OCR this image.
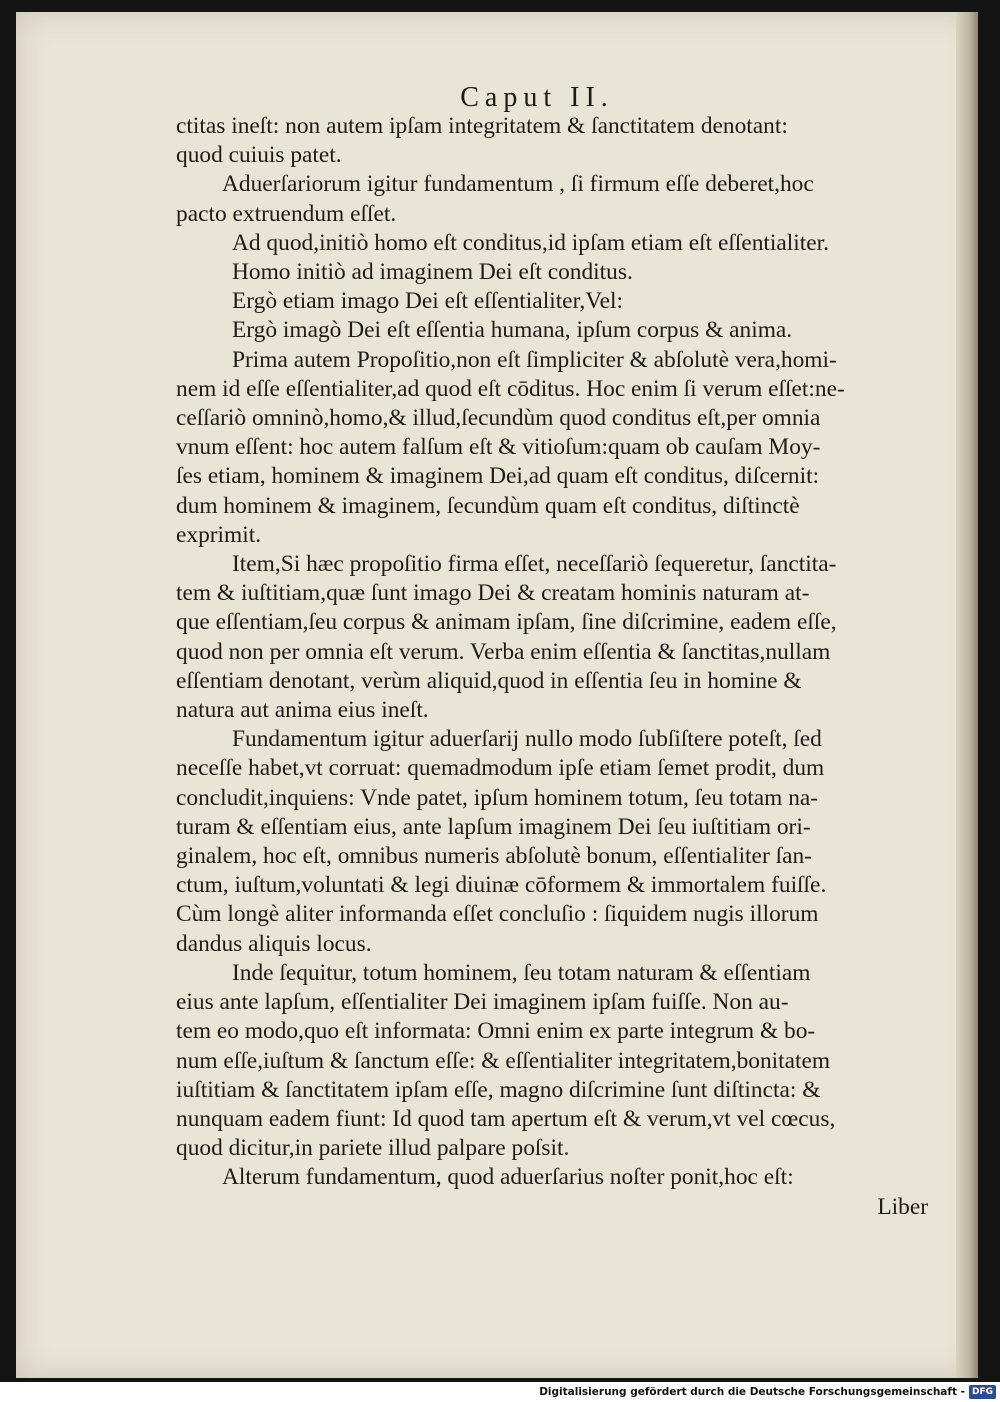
Caput II.
ctitas ineſt: non autem ipſam integritatem & ſanctitatem denotant:
quod cuiuis patet.
Aduerſariorum igitur fundamentum , ſi firmum eſſe deberet,hoc
pacto extruendum eſſet.
Ad quod,initiò homo eſt conditus,id ipſam etiam eſt eſſentialiter.
Homo initiò ad imaginem Dei eſt conditus.
Ergò etiam imago Dei eſt eſſentialiter,Vel:
Ergò imagò Dei eſt eſſentia humana, ipſum corpus & anima.
Prima autem Propoſitio,non eſt ſimpliciter & abſolutè vera,homi-
nem id eſſe eſſentialiter,ad quod eſt cōditus. Hoc enim ſi verum eſſet:ne-
ceſſariò omninò,homo,& illud,ſecundùm quod conditus eſt,per omnia
vnum eſſent: hoc autem falſum eſt & vitioſum:quam ob cauſam Moy-
ſes etiam, hominem & imaginem Dei,ad quam eſt conditus, diſcernit:
dum hominem & imaginem, ſecundùm quam eſt conditus, diſtinctè
exprimit.
Item,Si hæc propoſitio firma eſſet, neceſſariò ſequeretur, ſanctita-
tem & iuſtitiam,quæ ſunt imago Dei & creatam hominis naturam at-
que eſſentiam,ſeu corpus & animam ipſam, ſine diſcrimine, eadem eſſe,
quod non per omnia eſt verum. Verba enim eſſentia & ſanctitas,nullam
eſſentiam denotant, verùm aliquid,quod in eſſentia ſeu in homine &
natura aut anima eius ineſt.
Fundamentum igitur aduerſarij nullo modo ſubſiſtere poteſt, ſed
neceſſe habet,vt corruat: quemadmodum ipſe etiam ſemet prodit, dum
concludit,inquiens: Vnde patet, ipſum hominem totum, ſeu totam na-
turam & eſſentiam eius, ante lapſum imaginem Dei ſeu iuſtitiam ori-
ginalem, hoc eſt, omnibus numeris abſolutè bonum, eſſentialiter ſan-
ctum, iuſtum,voluntati & legi diuinæ cōformem & immortalem fuiſſe.
Cùm longè aliter informanda eſſet concluſio : ſiquidem nugis illorum
dandus aliquis locus.
Inde ſequitur, totum hominem, ſeu totam naturam & eſſentiam
eius ante lapſum, eſſentialiter Dei imaginem ipſam fuiſſe. Non au-
tem eo modo,quo eſt informata: Omni enim ex parte integrum & bo-
num eſſe,iuſtum & ſanctum eſſe: & eſſentialiter integritatem,bonitatem
iuſtitiam & ſanctitatem ipſam eſſe, magno diſcrimine ſunt diſtincta: &
nunquam eadem fiunt: Id quod tam apertum eſt & verum,vt vel cœcus,
quod dicitur,in pariete illud palpare poſsit.
Alterum fundamentum, quod aduerſarius noſter ponit,hoc eſt:
Liber
Digitalisierung gefördert durch die Deutsche Forschungsgemeinschaft - DFG
